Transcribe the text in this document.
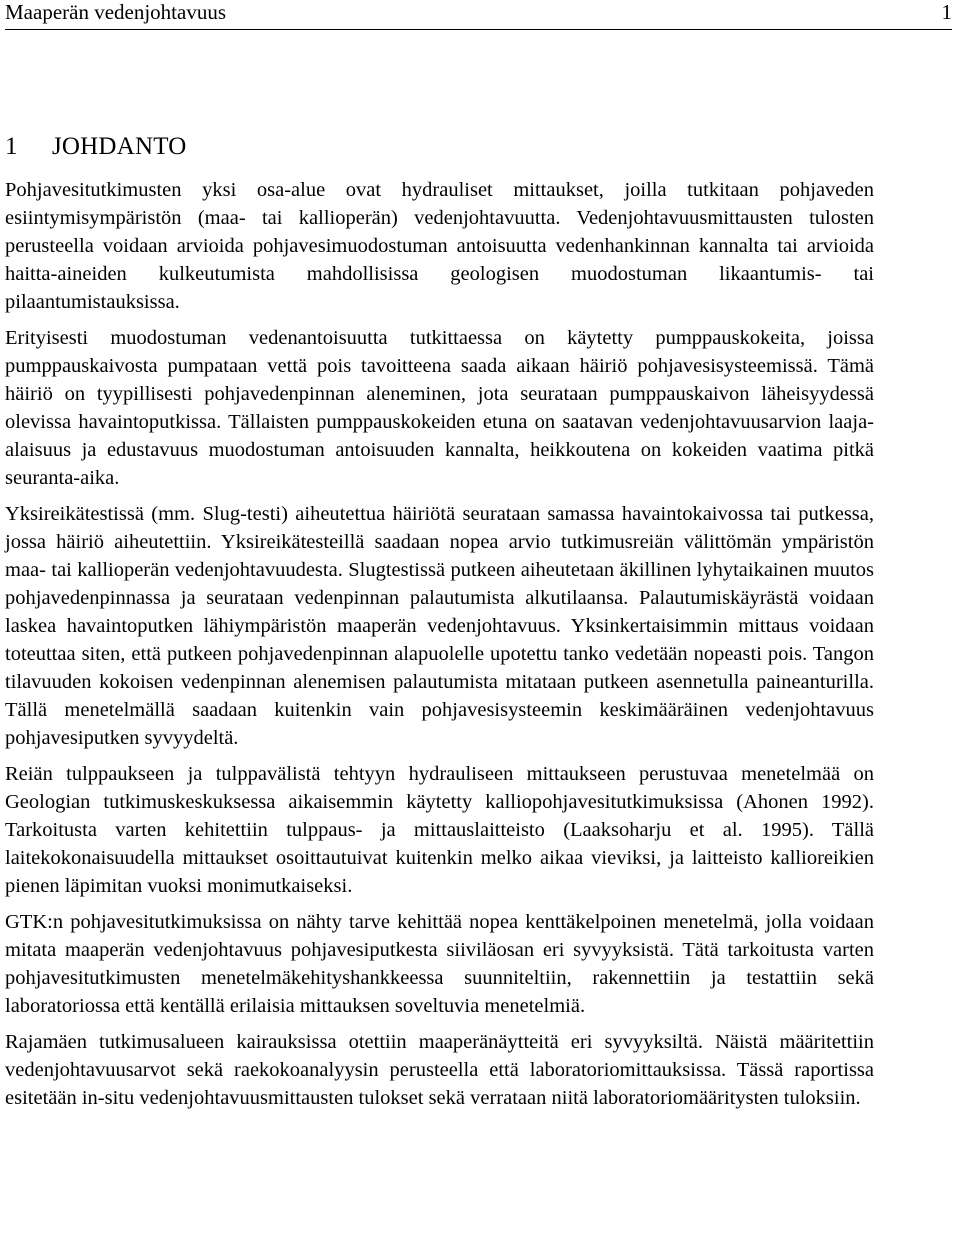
Maaperän vedenjohtavuus	1
1 JOHDANTO

Pohjavesitutkimusten yksi osa-alue ovat hydrauliset mittaukset, joilla tutkitaan pohjaveden esiintymisympäristön (maa- tai kallioperän) vedenjohtavuutta. Vedenjohtavuusmittausten tulosten perusteella voidaan arvioida pohjavesimuodostuman antoisuutta vedenhankinnan kannalta tai arvioida haitta-aineiden kulkeutumista mahdollisissa geologisen muodostuman likaantumis- tai pilaantumistauksissa.

Erityisesti muodostuman vedenantoisuutta tutkittaessa on käytetty pumppauskokeita, joissa pumppauskaivosta pumpataan vettä pois tavoitteena saada aikaan häiriö pohjavesisysteemissä. Tämä häiriö on tyypillisesti pohjavedenpinnan aleneminen, jota seurataan pumppauskaivon läheisyydessä olevissa havaintoputkissa. Tällaisten pumppauskokeiden etuna on saatavan vedenjohtavuusarvion laaja-alaisuus ja edustavuus muodostuman antoisuuden kannalta, heikkoutena on kokeiden vaatima pitkä seuranta-aika.

Yksireikätestissä (mm. Slug-testi) aiheutettua häiriötä seurataan samassa havaintokaivossa tai putkessa, jossa häiriö aiheutettiin. Yksireikätesteillä saadaan nopea arvio tutkimusreiän välittömän ympäristön maa- tai kallioperän vedenjohtavuudesta. Slugtestissä putkeen aiheutetaan äkillinen lyhytaikainen muutos pohjavedenpinnassa ja seurataan vedenpinnan palautumista alkutilaansa. Palautumiskäyrästä voidaan laskea havaintoputken lähiympäristön maaperän vedenjohtavuus. Yksinkertaisimmin mittaus voidaan toteuttaa siten, että putkeen pohjavedenpinnan alapuolelle upotettu tanko vedetään nopeasti pois. Tangon tilavuuden kokoisen vedenpinnan alenemisen palautumista mitataan putkeen asennetulla paineanturilla. Tällä menetelmällä saadaan kuitenkin vain pohjavesisysteemin keskimääräinen vedenjohtavuus pohjavesiputken syvyydeltä.

Reiän tulppaukseen ja tulppavälistä tehtyyn hydrauliseen mittaukseen perustuvaa menetelmää on Geologian tutkimuskeskuksessa aikaisemmin käytetty kalliopohjavesitutkimuksissa (Ahonen 1992). Tarkoitusta varten kehitettiin tulppaus- ja mittauslaitteisto (Laaksoharju et al. 1995). Tällä laitekokonaisuudella mittaukset osoittautuivat kuitenkin melko aikaa vieviksi, ja laitteisto kallioreikien pienen läpimitan vuoksi monimutkaiseksi.

GTK:n pohjavesitutkimuksissa on nähty tarve kehittää nopea kenttäkelpoinen menetelmä, jolla voidaan mitata maaperän vedenjohtavuus pohjavesiputkesta siiviläosan eri syvyyksistä. Tätä tarkoitusta varten pohjavesitutkimusten menetelmäkehityshankkeessa suunniteltiin, rakennettiin ja testattiin sekä laboratoriossa että kentällä erilaisia mittauksen soveltuvia menetelmiä.

Rajamäen tutkimusalueen kairauksissa otettiin maaperänäytteitä eri syvyyksiltä. Näistä määritettiin vedenjohtavuusarvot sekä raekokoanalyysin perusteella että laboratoriomittauksissa. Tässä raportissa esitetään in-situ vedenjohtavuusmittausten tulokset sekä verrataan niitä laboratoriomääritysten tuloksiin.
